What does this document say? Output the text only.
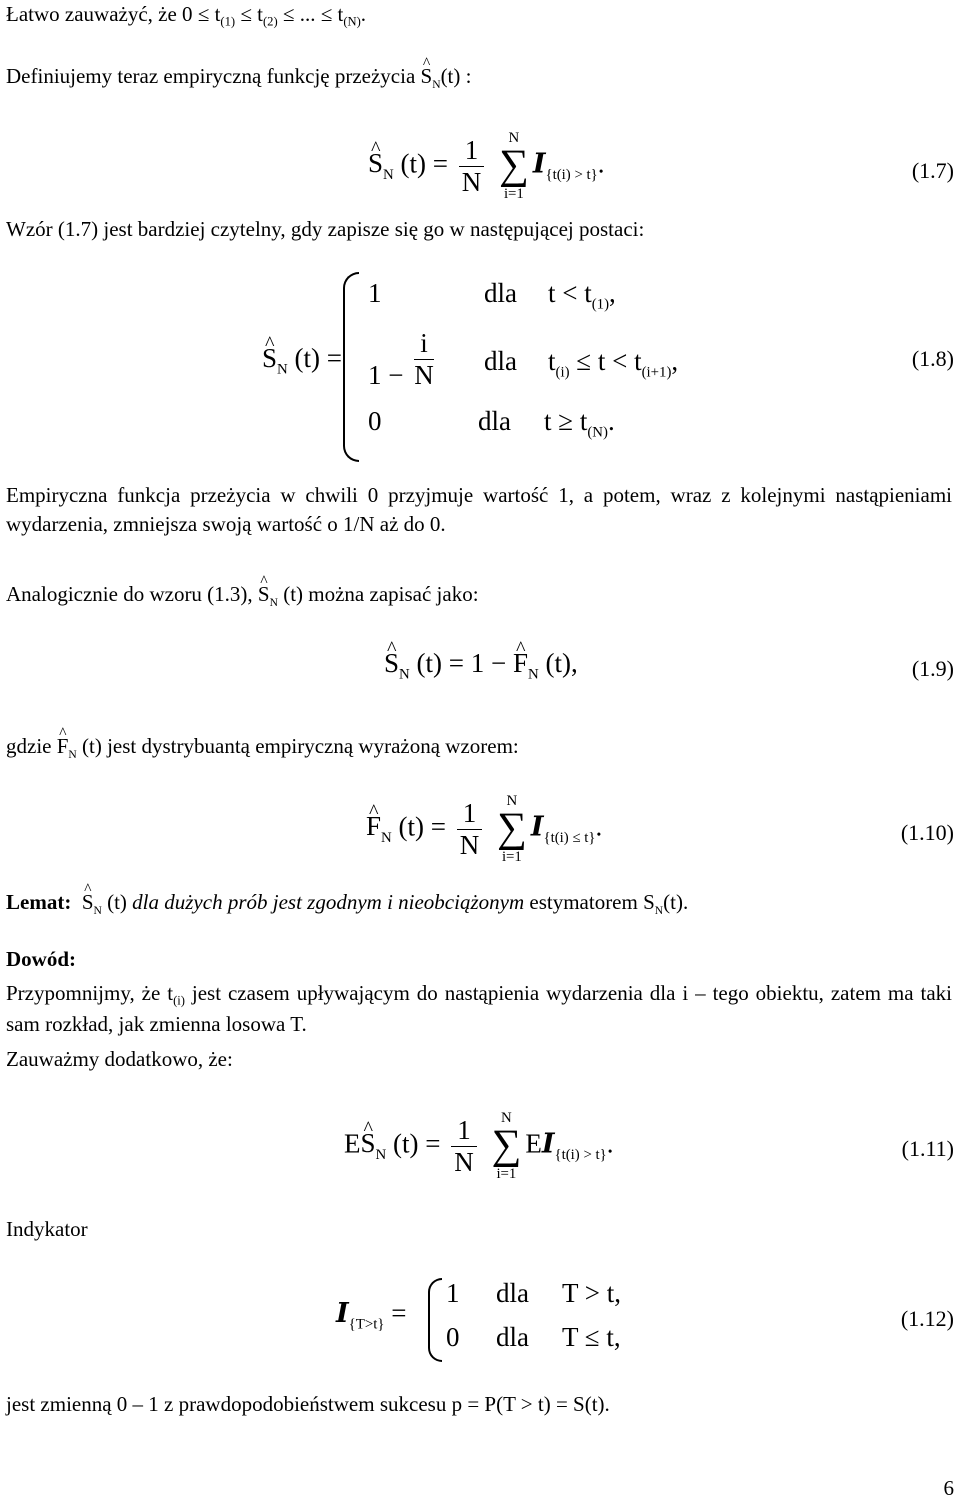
Łatwo zauważyć, że $0 \le t_{(1)} \le t_{(2)}$ ≤ ... ≤ $t_{(N)}$.
Definiujemy teraz empiryczną funkcję przeżycia ^ $S_N(t)$ :
^ $S_N$ $(t) = \frac{1}{N}$
N
∑
i=1
$I_{\{t(i) > t\}}$.	(1.7)
Wzór (1.7) jest bardziej czytelny, gdy zapisze się go w następującej postaci:
^ $S_N$ (t) =
1	dla $t < t_{(1)}$,
$1 - \frac{i}{N}$ dla $t_{(i)} \le t < t_{(i+1)}$,
0	dla $t \ge t_{(N)}$.
(1.8)
Empiryczna funkcja przeżycia w chwili 0 przyjmuje wartość 1, a potem, wraz z kolejnymi nastąpieniami wydarzenia, zmniejsza swoją wartość o 1/N aż do 0.
Analogicznie do wzoru (1.3), ^ $S_N$ (t) można zapisać jako:
^ $S_N$ (t) = 1 − ^ $F_N$ (t),	(1.9)
gdzie ^ $F_N$ (t) jest dystrybuantą empiryczną wyrażoną wzorem:
^ $F_N$ $(t) = \frac{1}{N}$
N
∑
i=1
$I_{\{t(i) \le t\}}$.	(1.10)
Lemat:  ^ $S_N$ (t) dla dużych prób jest zgodnym i nieobciążonym estymatorem $S_N(t)$.
Dowód:
Przypomnijmy, że $t_{(i)}$ jest czasem upływającym do nastąpienia wydarzenia dla i – tego obiektu, zatem ma taki sam rozkład, jak zmienna losowa T.
Zauważmy dodatkowo, że:
E^ $S_N$ $(t) = \frac{1}{N}$
N
∑
i=1
$EI_{\{t(i) > t\}}$.	(1.11)
Indykator
$I_{\{T>t\}}$ =
1 dla T > t,
0 dla T ≤ t,
(1.12)
jest zmienną 0 – 1 z prawdopodobieństwem sukcesu p = P(T > t) = S(t).
6
